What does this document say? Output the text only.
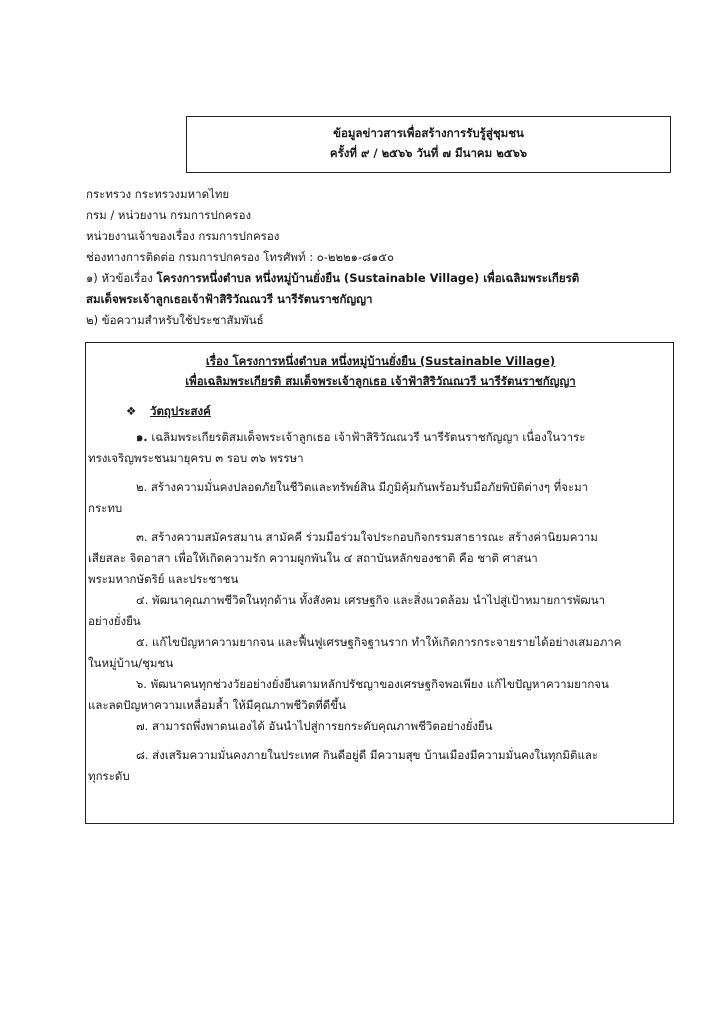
ข้อมูลข่าวสารเพื่อสร้างการรับรู้สู่ชุมชน
ครั้งที่ ๙ / ๒๕๖๖ วันที่ ๗ มีนาคม ๒๕๖๖
กระทรวง กระทรวงมหาดไทย
กรม / หน่วยงาน กรมการปกครอง
หน่วยงานเจ้าของเรื่อง กรมการปกครอง
ช่องทางการติดต่อ กรมการปกครอง โทรศัพท์ : ๐-๒๒๒๑-๘๑๕๐
๑) หัวข้อเรื่อง โครงการหนึ่งตำบล หนึ่งหมู่บ้านยั่งยืน (Sustainable Village) เพื่อเฉลิมพระเกียรติ
สมเด็จพระเจ้าลูกเธอเจ้าฟ้าสิริวัณณวรี นารีรัตนราชกัญญา
๒) ข้อความสำหรับใช้ประชาสัมพันธ์
เรื่อง โครงการหนึ่งตำบล หนึ่งหมู่บ้านยั่งยืน (Sustainable Village)
เพื่อเฉลิมพระเกียรติ สมเด็จพระเจ้าลูกเธอ เจ้าฟ้าสิริวัณณวรี นารีรัตนราชกัญญา
❖ วัตถุประสงค์
๑. เฉลิมพระเกียรติสมเด็จพระเจ้าลูกเธอ เจ้าฟ้าสิริวัณณวรี นารีรัตนราชกัญญา เนื่องในวาระ
ทรงเจริญพระชนมายุครบ ๓ รอบ ๓๖ พรรษา
๒. สร้างความมั่นคงปลอดภัยในชีวิตและทรัพย์สิน มีภูมิคุ้มกันพร้อมรับมือภัยพิบัติต่างๆ ที่จะมา
กระทบ
๓. สร้างความสมัครสมาน สามัคคี ร่วมมือร่วมใจประกอบกิจกรรมสาธารณะ สร้างค่านิยมความ
เสียสละ จิตอาสา เพื่อให้เกิดความรัก ความผูกพันใน ๔ สถาบันหลักของชาติ คือ ชาติ ศาสนา
พระมหากษัตริย์ และประชาชน
๔. พัฒนาคุณภาพชีวิตในทุกด้าน ทั้งสังคม เศรษฐกิจ และสิ่งแวดล้อม นำไปสู่เป้าหมายการพัฒนา
อย่างยั่งยืน
๕. แก้ไขปัญหาความยากจน และฟื้นฟูเศรษฐกิจฐานราก ทำให้เกิดการกระจายรายได้อย่างเสมอภาค
ในหมู่บ้าน/ชุมชน
๖. พัฒนาคนทุกช่วงวัยอย่างยั่งยืนตามหลักปรัชญาของเศรษฐกิจพอเพียง แก้ไขปัญหาความยากจน
และลดปัญหาความเหลื่อมล้ำ ให้มีคุณภาพชีวิตที่ดีขึ้น
๗. สามารถพึ่งพาตนเองได้ อันนำไปสู่การยกระดับคุณภาพชีวิตอย่างยั่งยืน
๘. ส่งเสริมความมั่นคงภายในประเทศ กินดีอยู่ดี มีความสุข บ้านเมืองมีความมั่นคงในทุกมิติและ
ทุกระดับ
